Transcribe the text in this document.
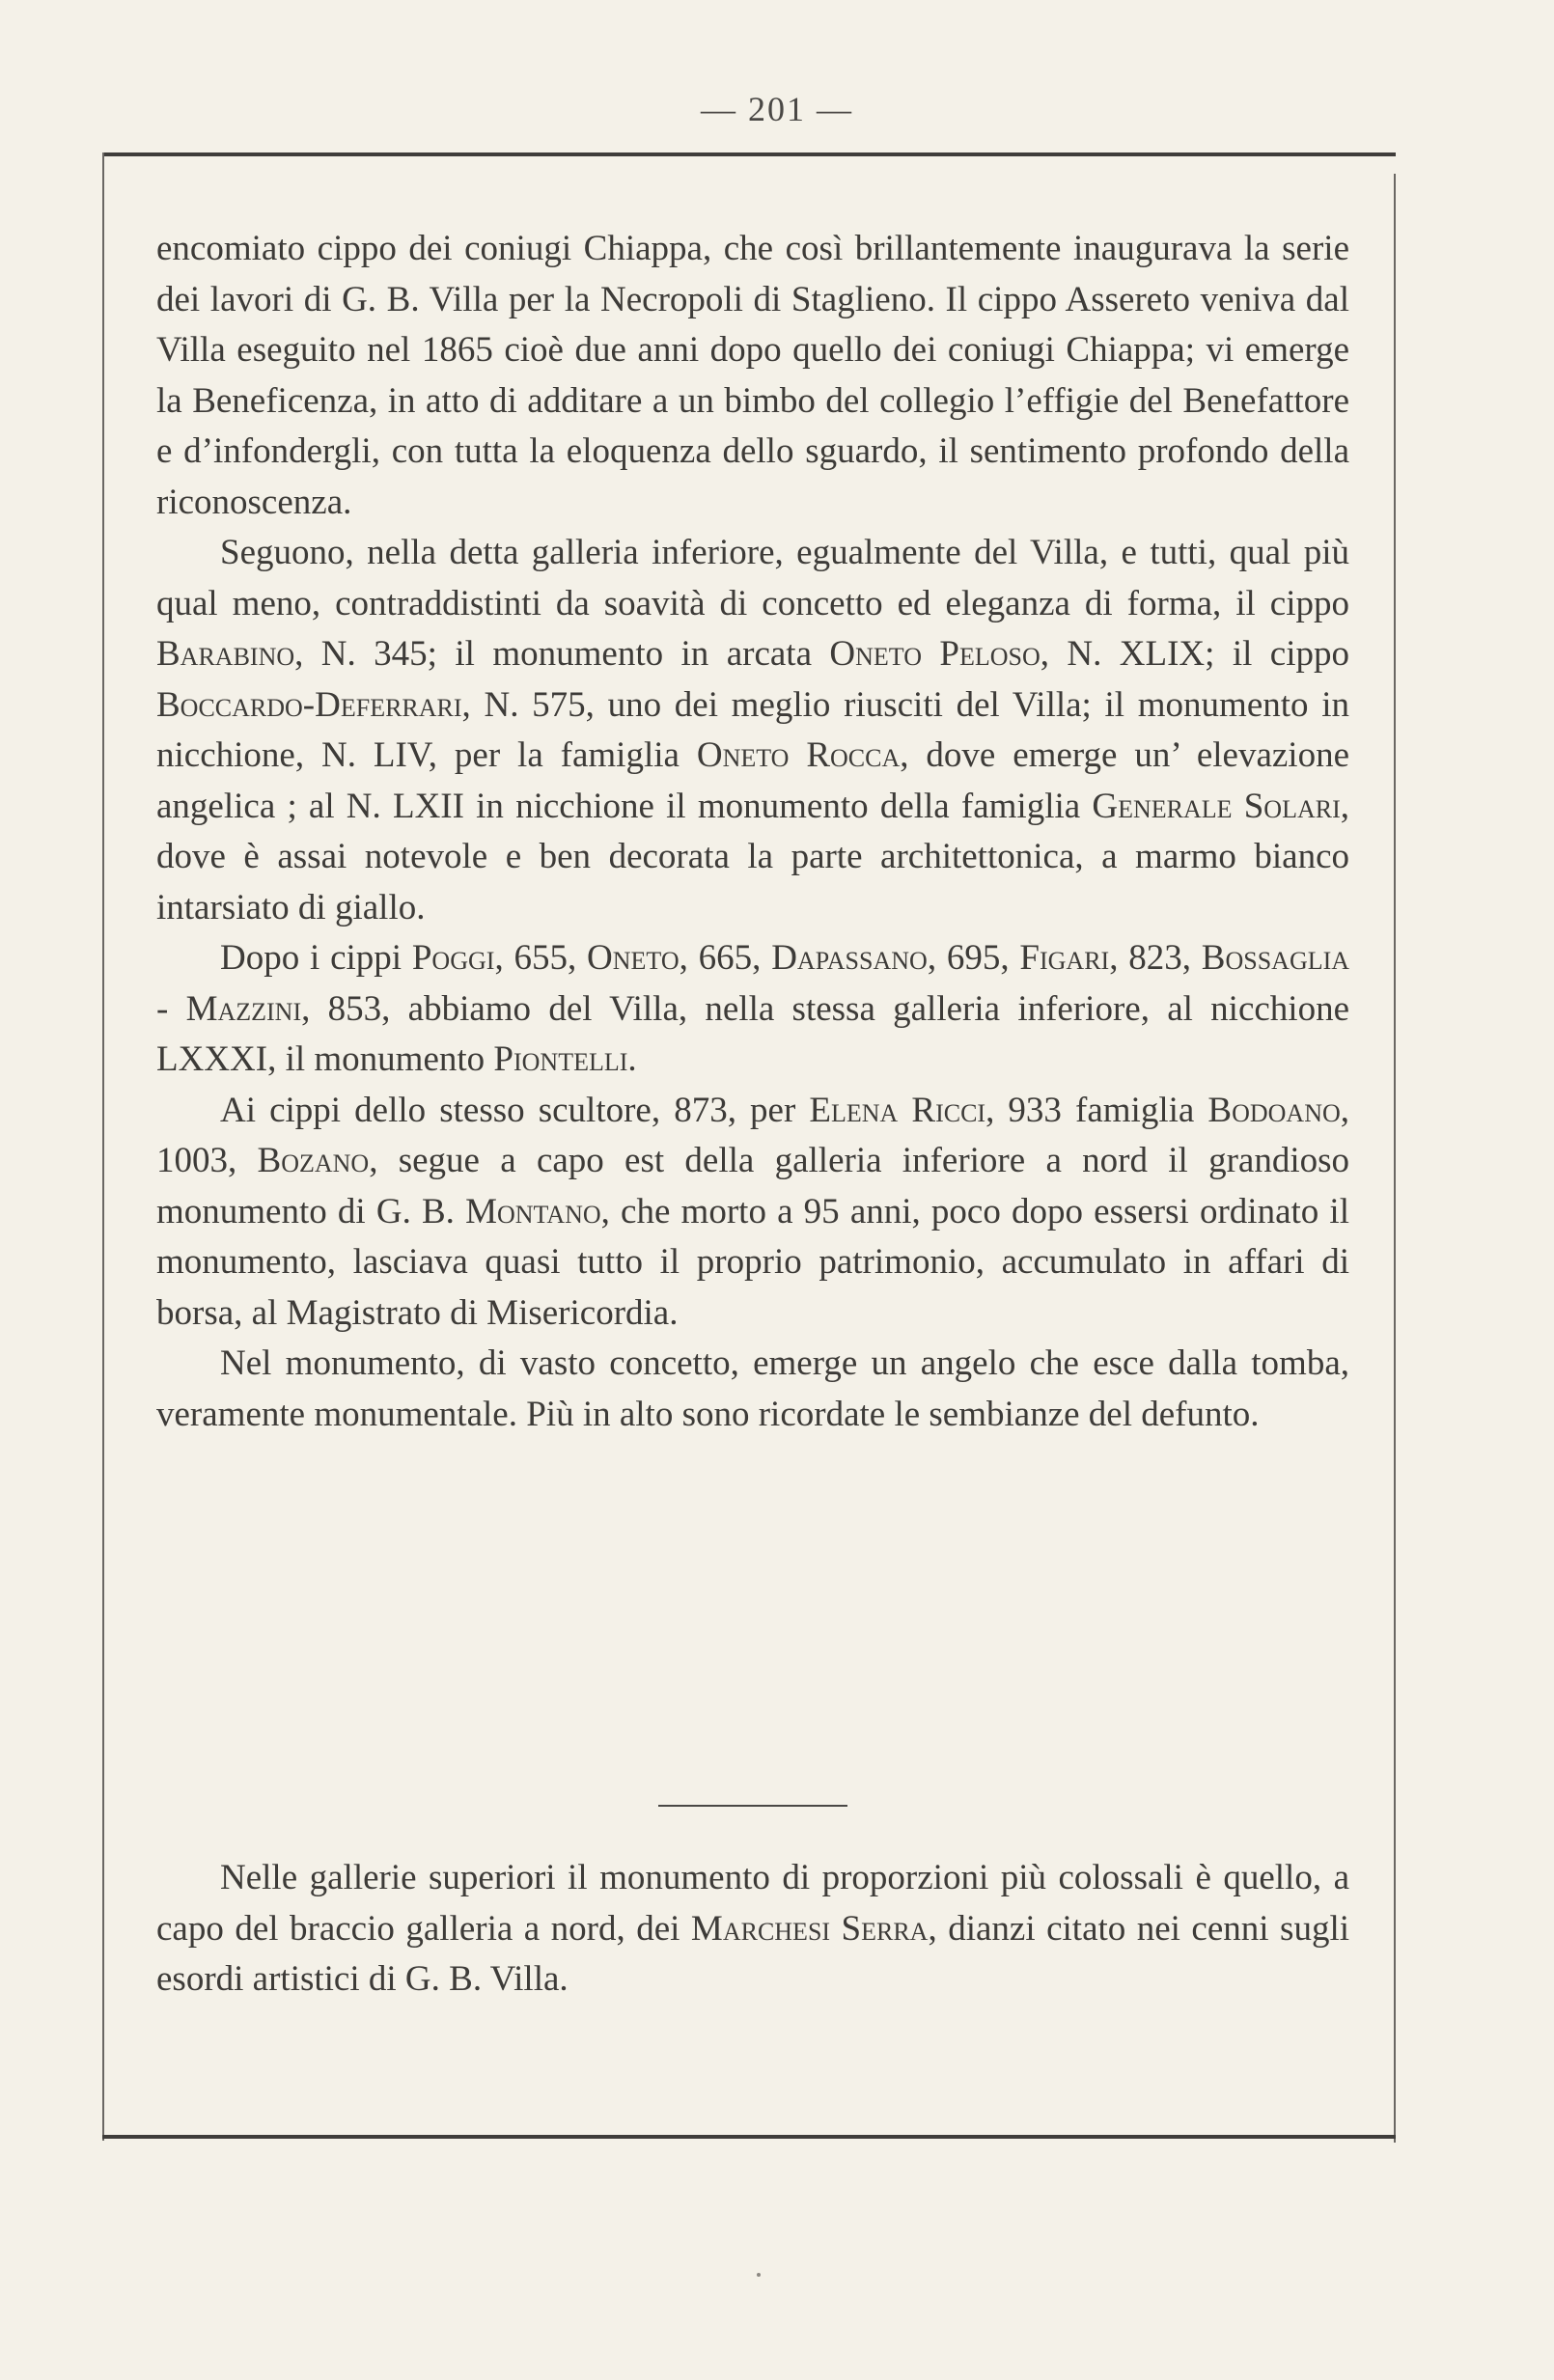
— 201 —

encomiato cippo dei coniugi Chiappa, che così brillantemente inaugurava la serie dei lavori di G. B. Villa per la Necropoli di Staglieno. Il cippo Assereto veniva dal Villa eseguito nel 1865 cioè due anni dopo quello dei coniugi Chiappa; vi emerge la Beneficenza, in atto di additare a un bimbo del collegio l’effigie del Benefattore e d’infondergli, con tutta la eloquenza dello sguardo, il sentimento profondo della riconoscenza.

Seguono, nella detta galleria inferiore, egualmente del Villa, e tutti, qual più qual meno, contraddistinti da soavità di concetto ed eleganza di forma, il cippo Barabino, N. 345; il monumento in arcata Oneto Peloso, N. XLIX; il cippo Boccardo-Deferrari, N. 575, uno dei meglio riusciti del Villa; il monumento in nicchione, N. LIV, per la famiglia Oneto Rocca, dove emerge un’ elevazione angelica ; al N. LXII in nicchione il monumento della famiglia Generale Solari, dove è assai notevole e ben decorata la parte architettonica, a marmo bianco intarsiato di giallo.

Dopo i cippi Poggi, 655, Oneto, 665, Dapassano, 695, Figari, 823, Bossaglia - Mazzini, 853, abbiamo del Villa, nella stessa galleria inferiore, al nicchione LXXXI, il monumento Piontelli.

Ai cippi dello stesso scultore, 873, per Elena Ricci, 933 famiglia Bodoano, 1003, Bozano, segue a capo est della galleria inferiore a nord il grandioso monumento di G. B. Montano, che morto a 95 anni, poco dopo essersi ordinato il monumento, lasciava quasi tutto il proprio patrimonio, accumulato in affari di borsa, al Magistrato di Misericordia.

Nel monumento, di vasto concetto, emerge un angelo che esce dalla tomba, veramente monumentale. Più in alto sono ricordate le sembianze del defunto.

Nelle gallerie superiori il monumento di proporzioni più colossali è quello, a capo del braccio galleria a nord, dei Marchesi Serra, dianzi citato nei cenni sugli esordi artistici di G. B. Villa.
